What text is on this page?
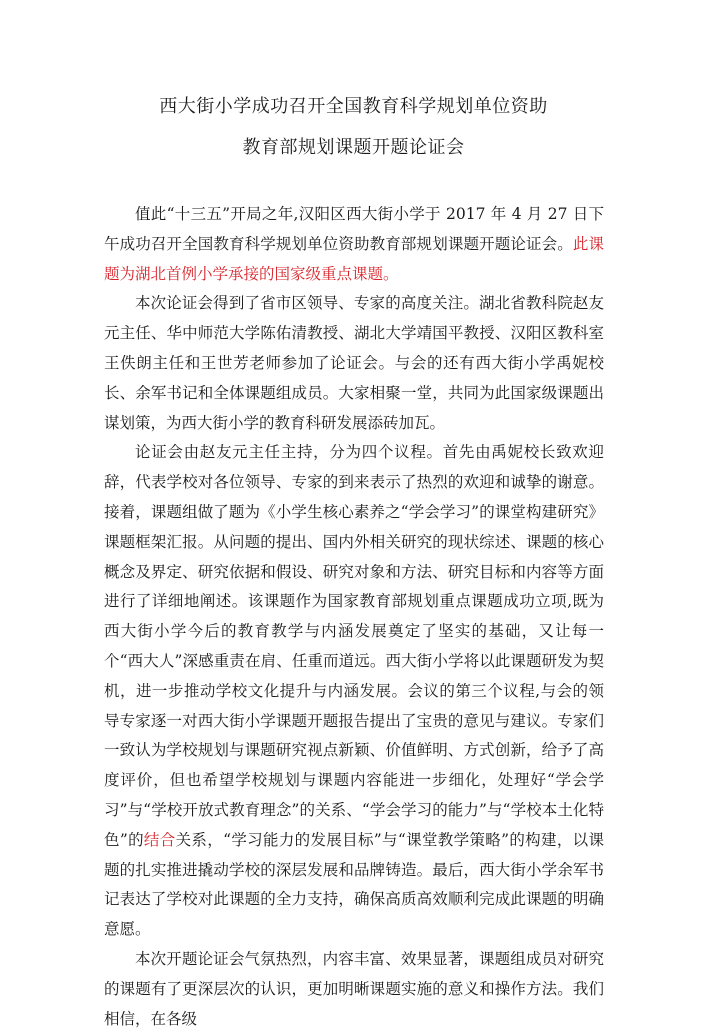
西大街小学成功召开全国教育科学规划单位资助
教育部规划课题开题论证会

值此“十三五”开局之年,汉阳区西大街小学于 2017 年 4 月 27 日下午成功召开全国教育科学规划单位资助教育部规划课题开题论证会。此课题为湖北首例小学承接的国家级重点课题。

本次论证会得到了省市区领导、专家的高度关注。湖北省教科院赵友元主任、华中师范大学陈佑清教授、湖北大学靖国平教授、汉阳区教科室王佚朗主任和王世芳老师参加了论证会。与会的还有西大街小学禹妮校长、余军书记和全体课题组成员。大家相聚一堂，共同为此国家级课题出谋划策，为西大街小学的教育科研发展添砖加瓦。

论证会由赵友元主任主持，分为四个议程。首先由禹妮校长致欢迎辞，代表学校对各位领导、专家的到来表示了热烈的欢迎和诚挚的谢意。接着，课题组做了题为《小学生核心素养之“学会学习”的课堂构建研究》课题框架汇报。从问题的提出、国内外相关研究的现状综述、课题的核心概念及界定、研究依据和假设、研究对象和方法、研究目标和内容等方面进行了详细地阐述。该课题作为国家教育部规划重点课题成功立项,既为西大街小学今后的教育教学与内涵发展奠定了坚实的基础，又让每一个“西大人”深感重责在肩、任重而道远。西大街小学将以此课题研发为契机，进一步推动学校文化提升与内涵发展。会议的第三个议程,与会的领导专家逐一对西大街小学课题开题报告提出了宝贵的意见与建议。专家们一致认为学校规划与课题研究视点新颖、价值鲜明、方式创新，给予了高度评价，但也希望学校规划与课题内容能进一步细化，处理好“学会学习”与“学校开放式教育理念”的关系、“学会学习的能力”与“学校本土化特色”的结合关系，“学习能力的发展目标”与“课堂教学策略”的构建，以课题的扎实推进撬动学校的深层发展和品牌铸造。最后，西大街小学余军书记表达了学校对此课题的全力支持，确保高质高效顺利完成此课题的明确意愿。

本次开题论证会气氛热烈，内容丰富、效果显著，课题组成员对研究的课题有了更深层次的认识，更加明晰课题实施的意义和操作方法。我们相信，在各级
